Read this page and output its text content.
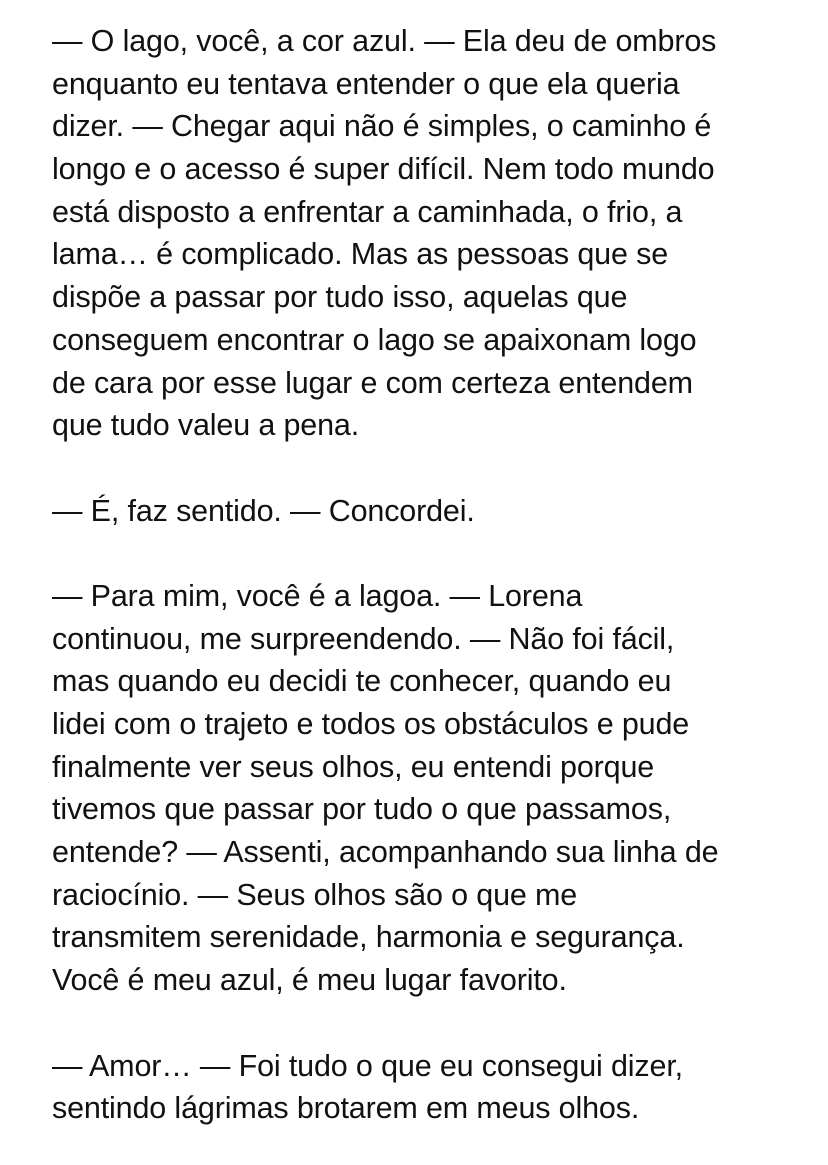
— O lago, você, a cor azul. — Ela deu de ombros
enquanto eu tentava entender o que ela queria
dizer. — Chegar aqui não é simples, o caminho é
longo e o acesso é super difícil. Nem todo mundo
está disposto a enfrentar a caminhada, o frio, a
lama… é complicado. Mas as pessoas que se
dispõe a passar por tudo isso, aquelas que
conseguem encontrar o lago se apaixonam logo
de cara por esse lugar e com certeza entendem
que tudo valeu a pena.
— É, faz sentido. — Concordei.
— Para mim, você é a lagoa. — Lorena
continuou, me surpreendendo. — Não foi fácil,
mas quando eu decidi te conhecer, quando eu
lidei com o trajeto e todos os obstáculos e pude
finalmente ver seus olhos, eu entendi porque
tivemos que passar por tudo o que passamos,
entende? — Assenti, acompanhando sua linha de
raciocínio. — Seus olhos são o que me
transmitem serenidade, harmonia e segurança.
Você é meu azul, é meu lugar favorito.
— Amor… — Foi tudo o que eu consegui dizer,
sentindo lágrimas brotarem em meus olhos.
